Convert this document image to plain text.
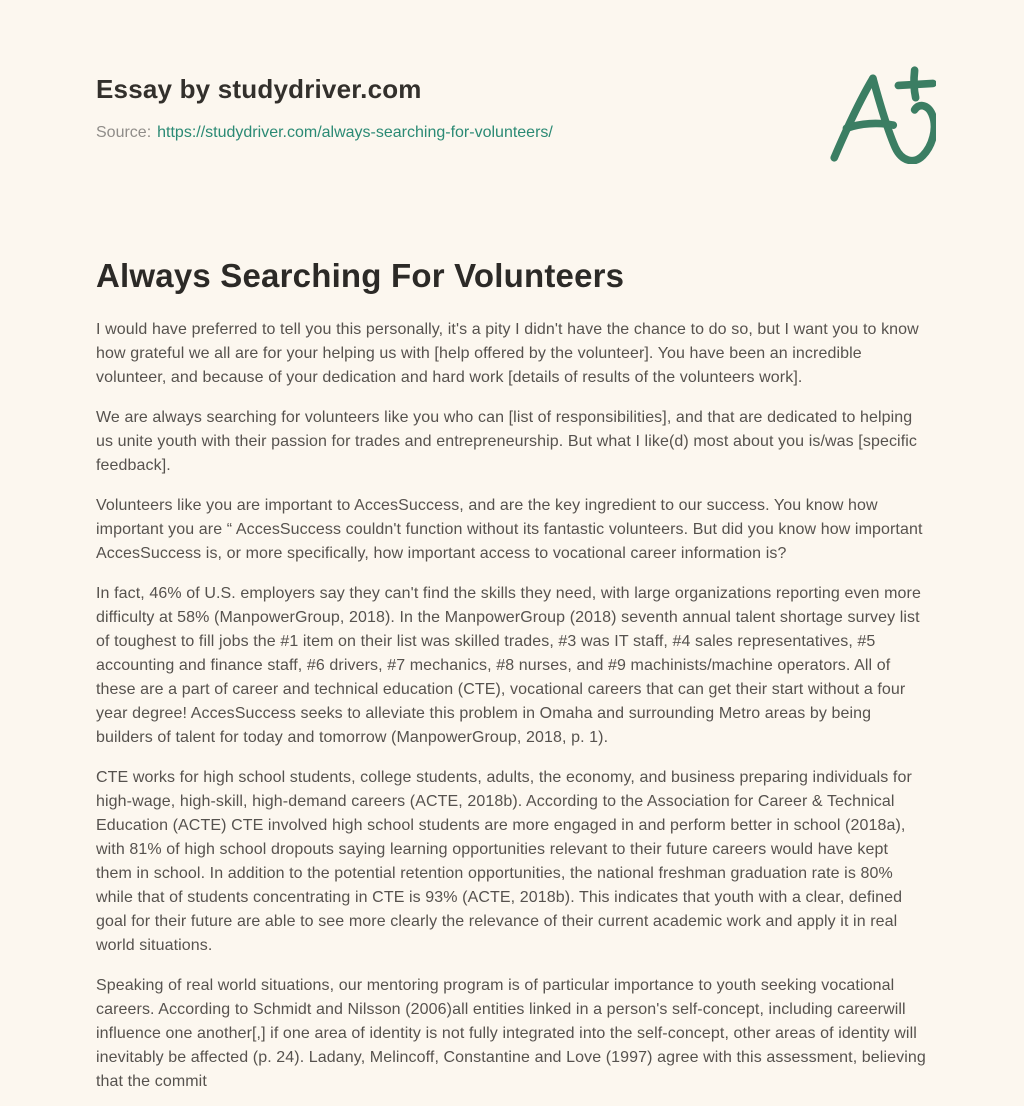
Essay by studydriver.com
Source: https://studydriver.com/always-searching-for-volunteers/
Always Searching For Volunteers

I would have preferred to tell you this personally, it's a pity I didn't have the chance to do so, but I want you to know how grateful we all are for your helping us with [help offered by the volunteer]. You have been an incredible volunteer, and because of your dedication and hard work [details of results of the volunteers work].

We are always searching for volunteers like you who can [list of responsibilities], and that are dedicated to helping us unite youth with their passion for trades and entrepreneurship. But what I like(d) most about you is/was [specific feedback].

Volunteers like you are important to AccesSuccess, and are the key ingredient to our success. You know how important you are “ AccesSuccess couldn't function without its fantastic volunteers. But did you know how important AccesSuccess is, or more specifically, how important access to vocational career information is?

In fact, 46% of U.S. employers say they can't find the skills they need, with large organizations reporting even more difficulty at 58% (ManpowerGroup, 2018). In the ManpowerGroup (2018) seventh annual talent shortage survey list of toughest to fill jobs the #1 item on their list was skilled trades, #3 was IT staff, #4 sales representatives, #5 accounting and finance staff, #6 drivers, #7 mechanics, #8 nurses, and #9 machinists/machine operators. All of these are a part of career and technical education (CTE), vocational careers that can get their start without a four year degree! AccesSuccess seeks to alleviate this problem in Omaha and surrounding Metro areas by being builders of talent for today and tomorrow (ManpowerGroup, 2018, p. 1).

CTE works for high school students, college students, adults, the economy, and business preparing individuals for high-wage, high-skill, high-demand careers (ACTE, 2018b). According to the Association for Career & Technical Education (ACTE) CTE involved high school students are more engaged in and perform better in school (2018a), with 81% of high school dropouts saying learning opportunities relevant to their future careers would have kept them in school. In addition to the potential retention opportunities, the national freshman graduation rate is 80% while that of students concentrating in CTE is 93% (ACTE, 2018b). This indicates that youth with a clear, defined goal for their future are able to see more clearly the relevance of their current academic work and apply it in real world situations.

Speaking of real world situations, our mentoring program is of particular importance to youth seeking vocational careers. According to Schmidt and Nilsson (2006)all entities linked in a person's self-concept, including careerwill influence one another[,] if one area of identity is not fully integrated into the self-concept, other areas of identity will inevitably be affected (p. 24). Ladany, Melincoff, Constantine and Love (1997) agree with this assessment, believing that the commit
